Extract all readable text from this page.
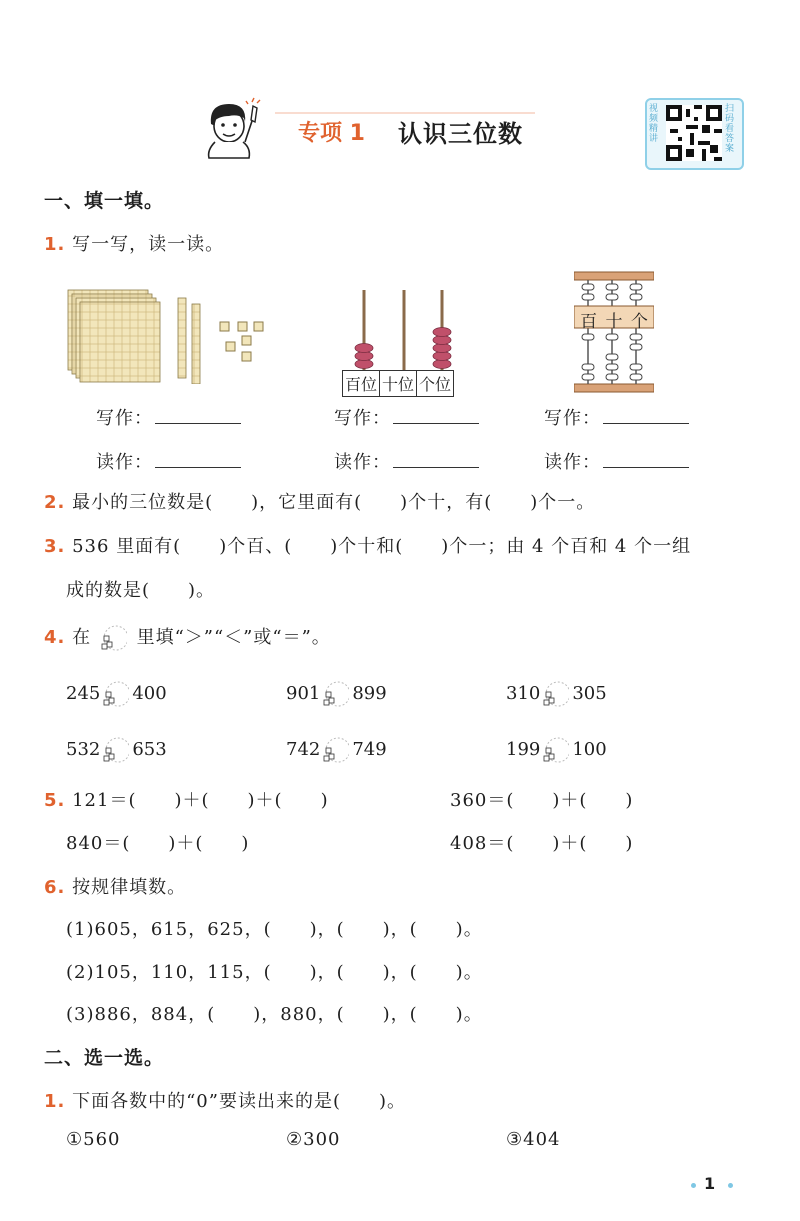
专项 1 认识三位数
视频精讲
扫码看答案
一、填一填。
1. 写一写，读一读。
百位 十位 个位
百 十 个
写作：	写作：	写作：
读作：	读作：	读作：
2. 最小的三位数是(　　)，它里面有(　　)个十，有(　　)个一。
3. 536 里面有(　　)个百、(　　)个十和(　　)个一；由 4 个百和 4 个一组
成的数是(　　)。
4. 在	里填“＞”“＜”或“＝”。
245 400	901 899	310 305
532 653	742 749	199 100
5. 121＝(　　)＋(　　)＋(　　)	360＝(　　)＋(　　)
840＝(　　)＋(　　)	408＝(　　)＋(　　)
6. 按规律填数。
(1)605，615，625，(　　)，(　　)，(　　)。
(2)105，110，115，(　　)，(　　)，(　　)。
(3)886，884，(　　)，880，(　　)，(　　)。
二、选一选。
1. 下面各数中的“0”要读出来的是(　　)。
①560	②300	③404
1
